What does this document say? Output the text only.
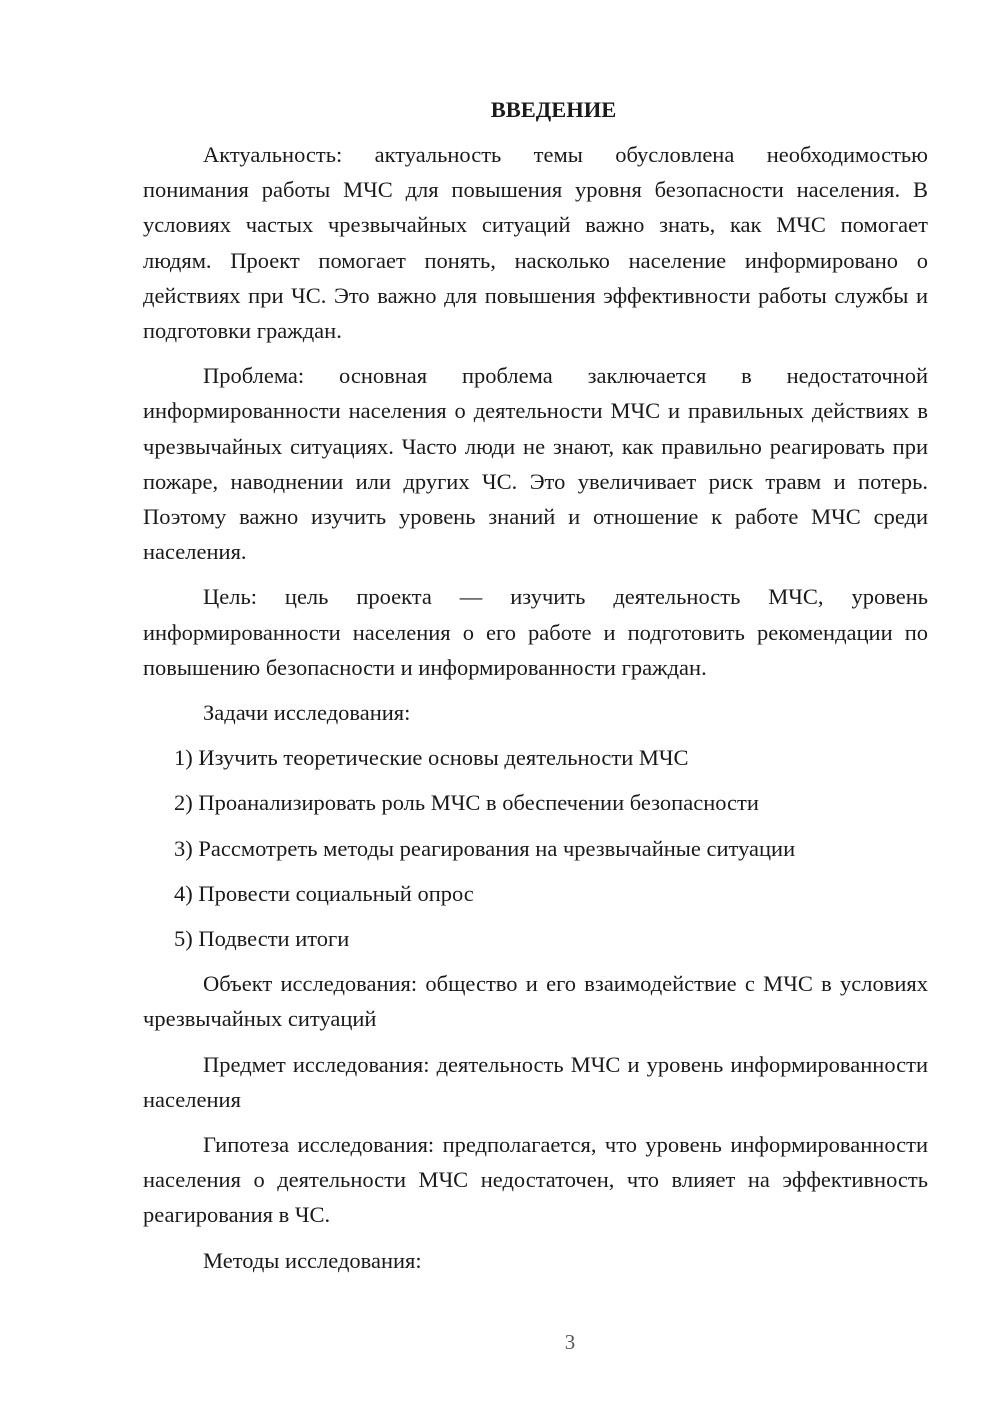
ВВЕДЕНИЕ

Актуальность: актуальность темы обусловлена необходимостью понимания работы МЧС для повышения уровня безопасности населения. В условиях частых чрезвычайных ситуаций важно знать, как МЧС помогает людям. Проект помогает понять, насколько население информировано о действиях при ЧС. Это важно для повышения эффективности работы службы и подготовки граждан.

Проблема: основная проблема заключается в недостаточной информированности населения о деятельности МЧС и правильных действиях в чрезвычайных ситуациях. Часто люди не знают, как правильно реагировать при пожаре, наводнении или других ЧС. Это увеличивает риск травм и потерь. Поэтому важно изучить уровень знаний и отношение к работе МЧС среди населения.

Цель: цель проекта — изучить деятельность МЧС, уровень информированности населения о его работе и подготовить рекомендации по повышению безопасности и информированности граждан.

Задачи исследования:
1) Изучить теоретические основы деятельности МЧС
2) Проанализировать роль МЧС в обеспечении безопасности
3) Рассмотреть методы реагирования на чрезвычайные ситуации
4) Провести социальный опрос
5) Подвести итоги

Объект исследования: общество и его взаимодействие с МЧС в условиях чрезвычайных ситуаций

Предмет исследования: деятельность МЧС и уровень информированности населения

Гипотеза исследования: предполагается, что уровень информированности населения о деятельности МЧС недостаточен, что влияет на эффективность реагирования в ЧС.

Методы исследования:
3
